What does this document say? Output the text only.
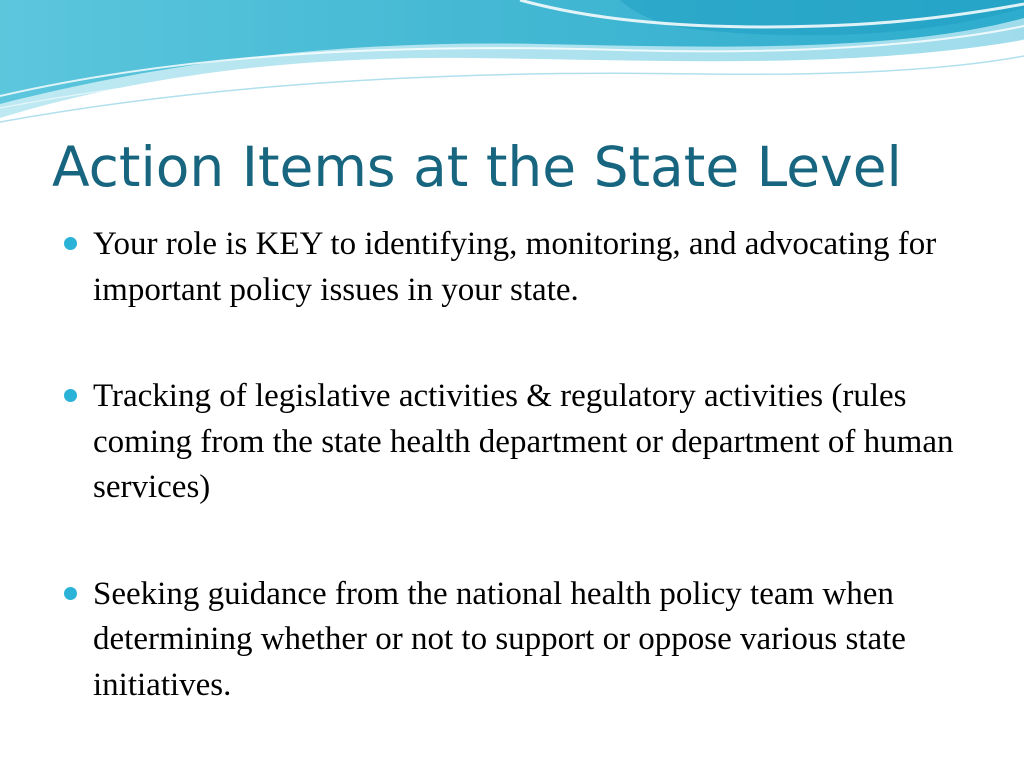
Action Items at the State Level
Your role is KEY to identifying, monitoring, and advocating for important policy issues in your state.
Tracking of legislative activities & regulatory activities (rules coming from the state health department or department of human services)
Seeking guidance from the national health policy team when determining whether or not to support or oppose various state initiatives.
